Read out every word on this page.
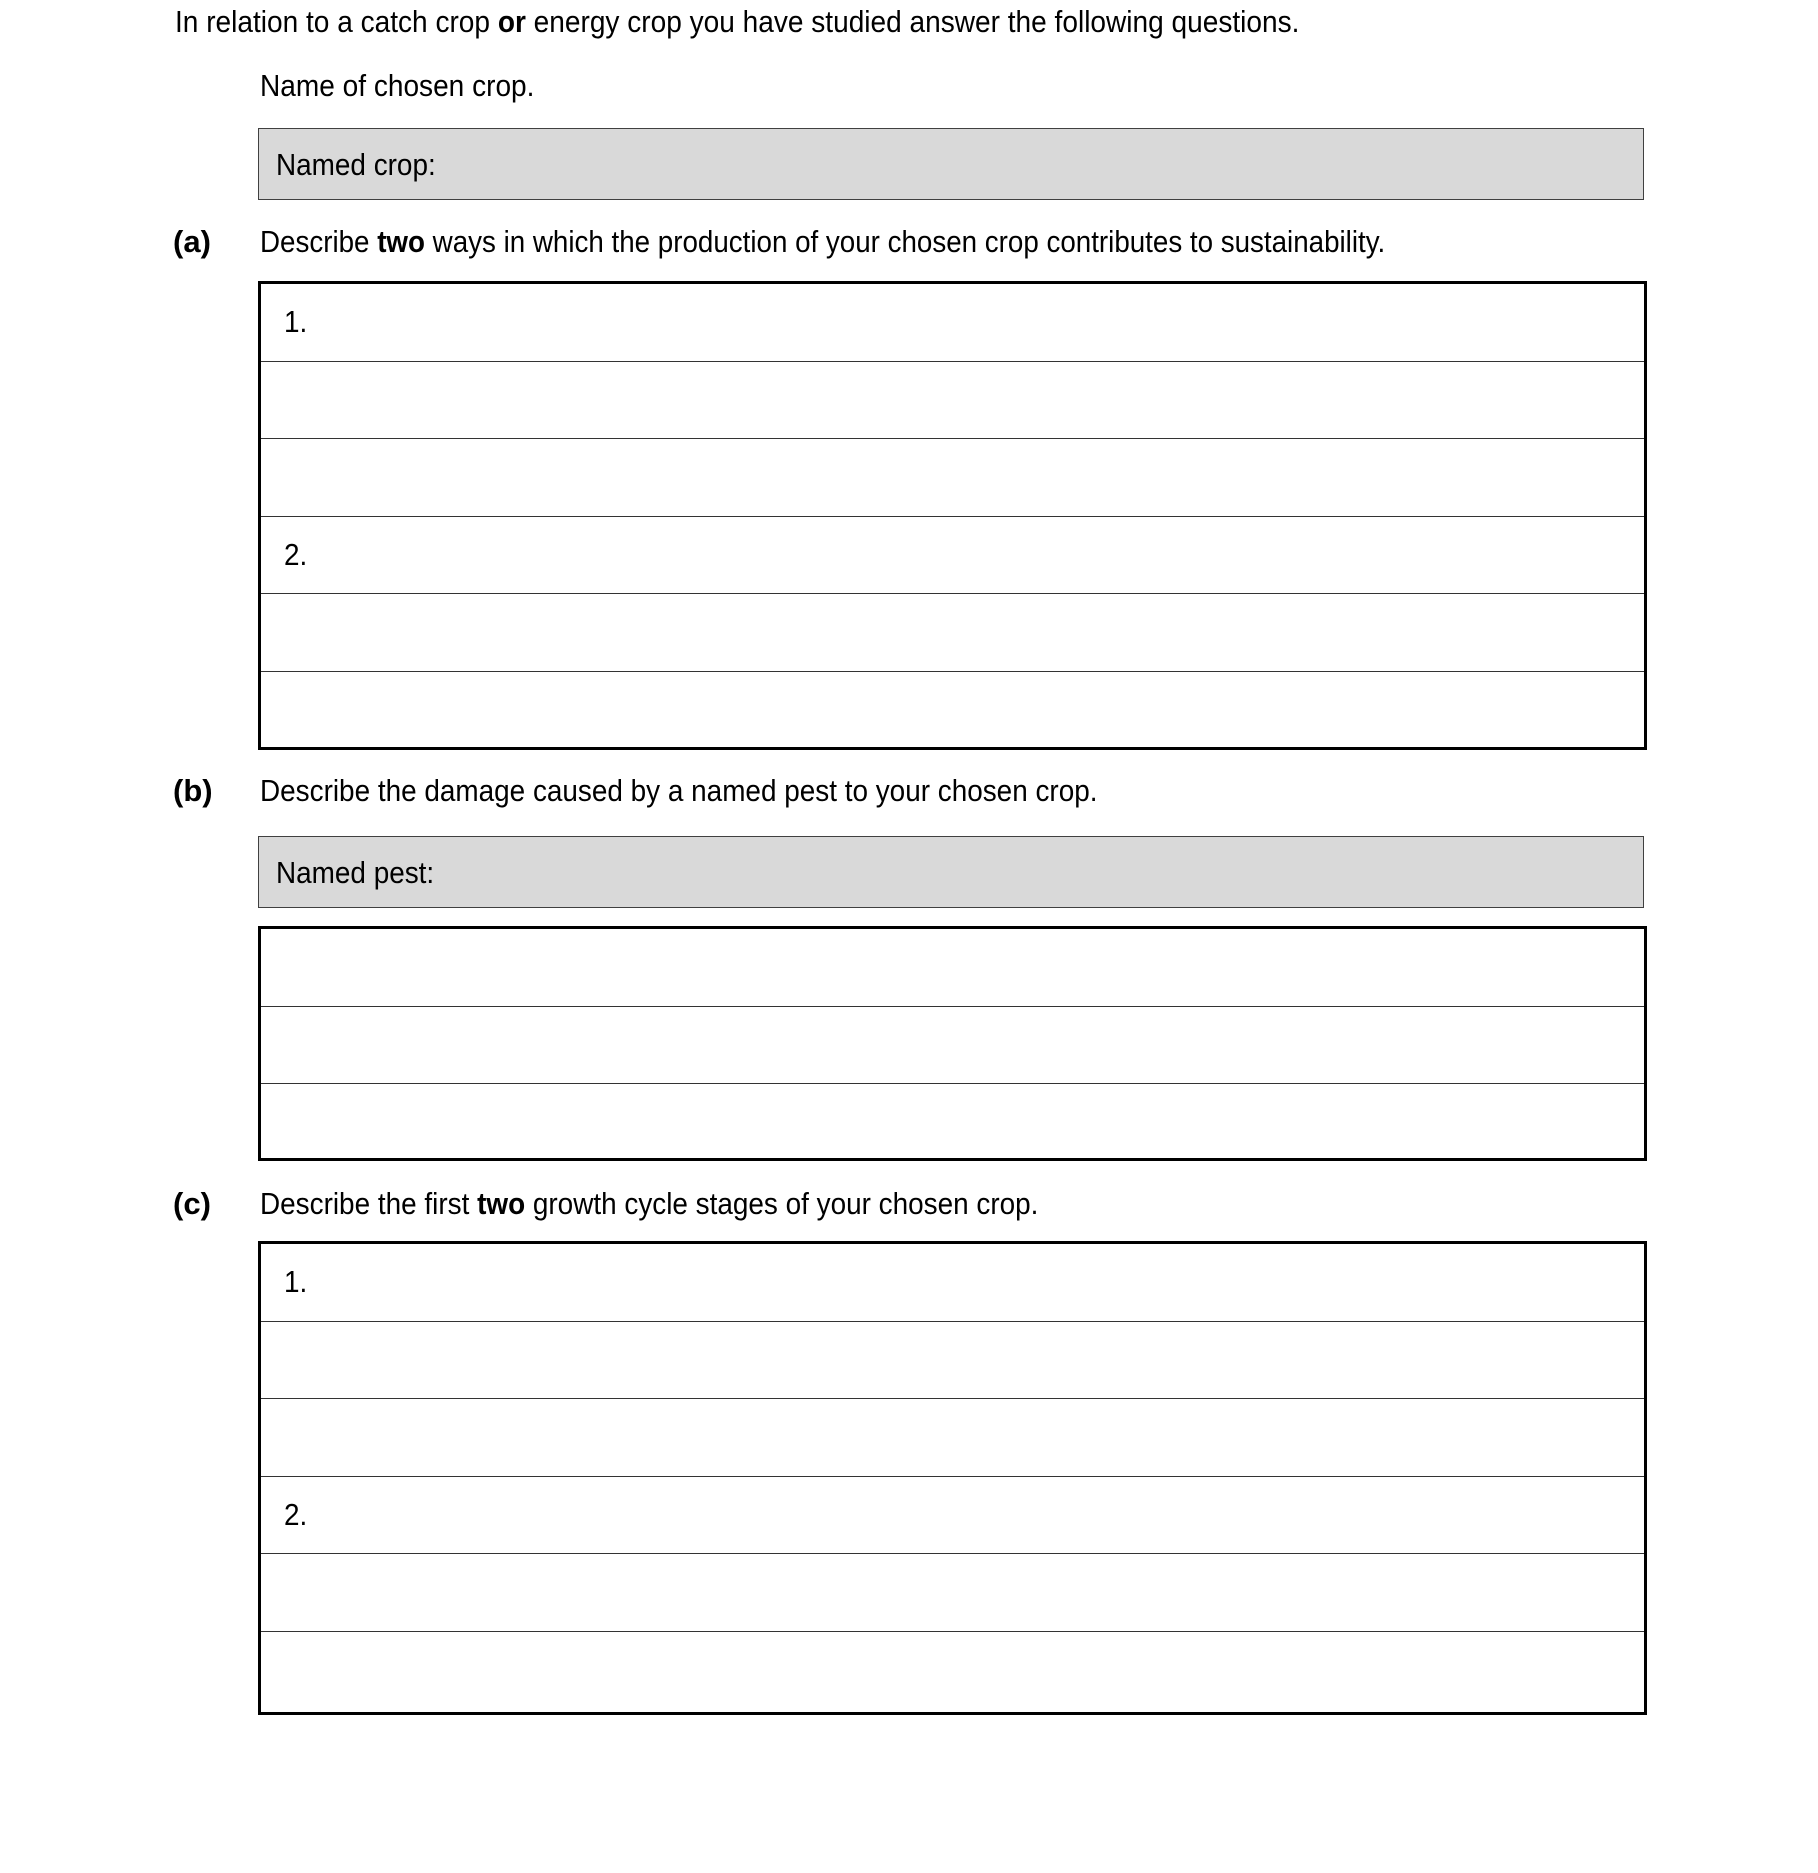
In relation to a catch crop or energy crop you have studied answer the following questions.
Name of chosen crop.
Named crop:
(a) Describe two ways in which the production of your chosen crop contributes to sustainability.
1.
2.
(b) Describe the damage caused by a named pest to your chosen crop.
Named pest:
(c) Describe the first two growth cycle stages of your chosen crop.
1.
2.
